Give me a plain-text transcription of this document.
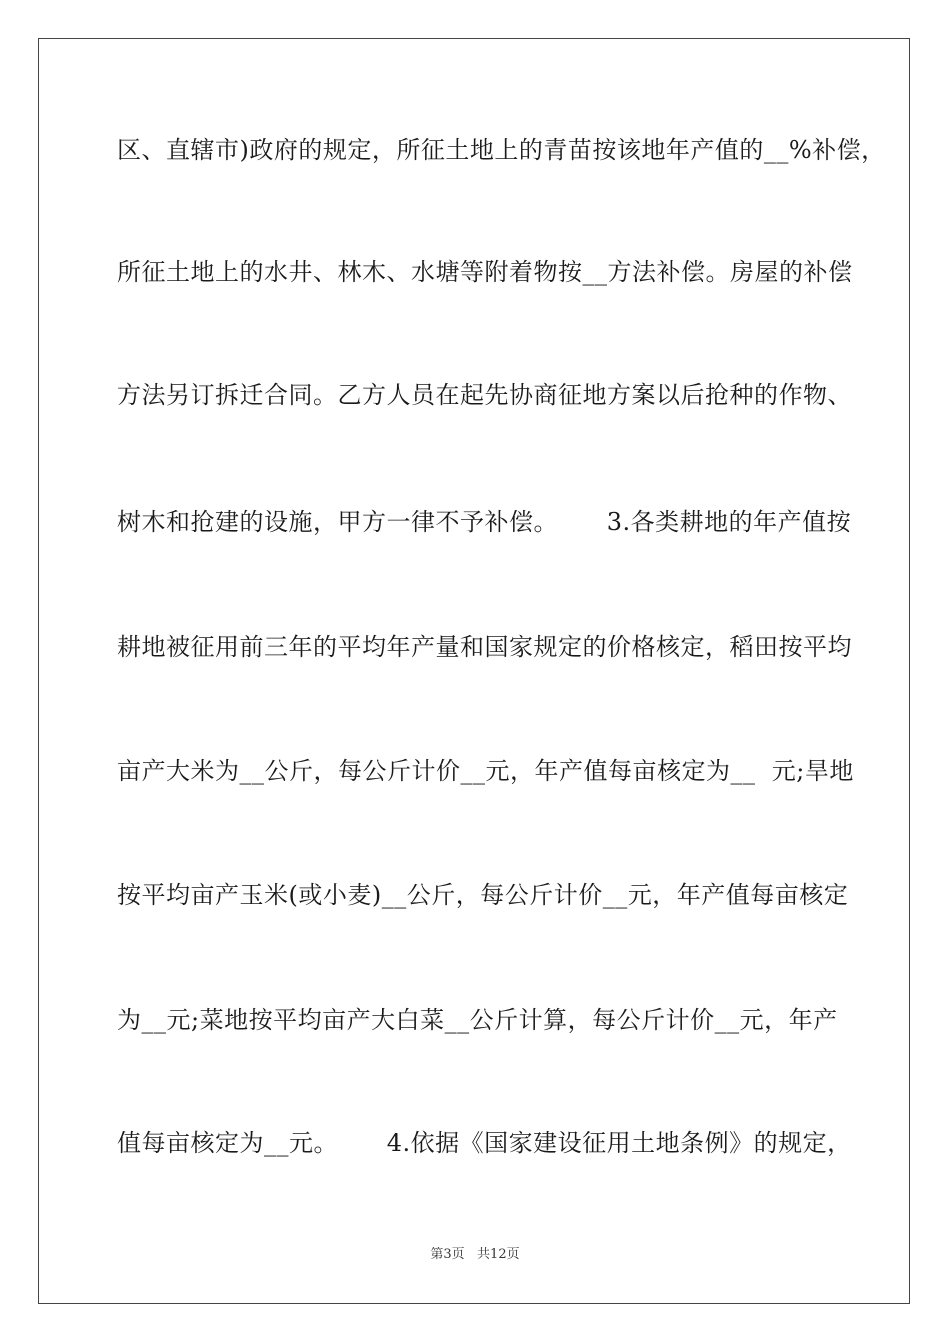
区、直辖市)政府的规定，所征土地上的青苗按该地年产值的__%补偿，
所征土地上的水井、林木、水塘等附着物按__方法补偿。房屋的补偿
方法另订拆迁合同。乙方人员在起先协商征地方案以后抢种的作物、
树木和抢建的设施，甲方一律不予补偿。      3.各类耕地的年产值按
耕地被征用前三年的平均年产量和国家规定的价格核定，稻田按平均
亩产大米为__公斤，每公斤计价__元，年产值每亩核定为__  元;旱地
按平均亩产玉米(或小麦)__公斤，每公斤计价__元，年产值每亩核定
为__元;菜地按平均亩产大白菜__公斤计算，每公斤计价__元，年产
值每亩核定为__元。      4.依据《国家建设征用土地条例》的规定，
第3页   共12页
